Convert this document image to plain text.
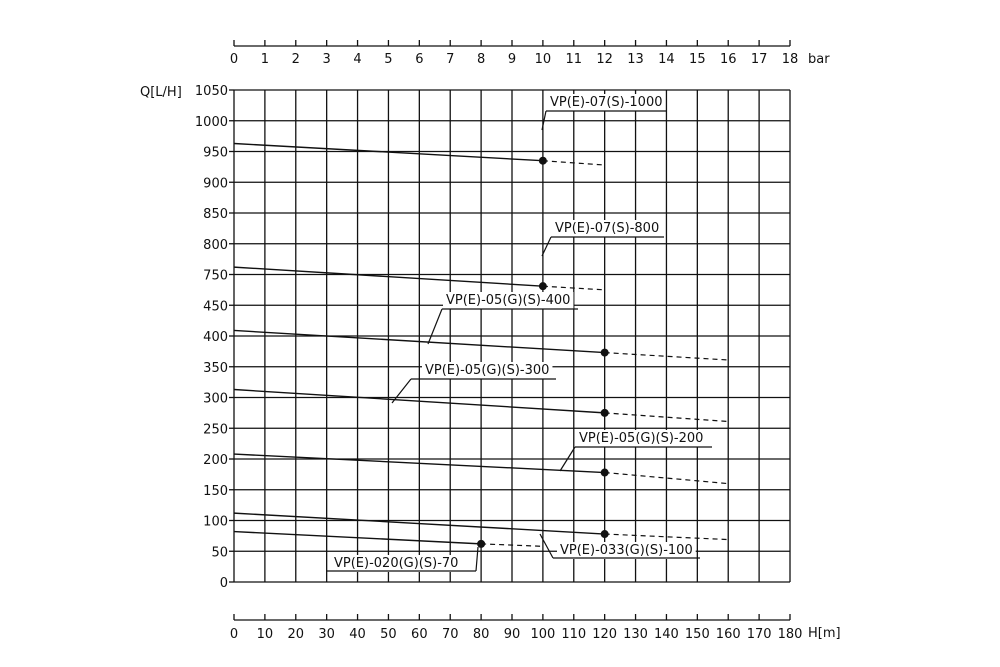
0 1 2 3 4 5 6 7 8 9 10 11 12 13 14 15 16 17 18
0 10 20 30 40 50 60 70 80 90 100 110 120 130 140 150 160 170 180
0
50
100
150
200
250
300
350
400
450
750
800
850
900
950
1000
1050
VP(E)-07(S)-1000
VP(E)-07(S)-800
VP(E)-05(G)(S)-400
VP(E)-05(G)(S)-300
VP(E)-05(G)(S)-200
VP(E)-033(G)(S)-100
VP(E)-020(G)(S)-70
Q[L/H]
H[m]
bar
